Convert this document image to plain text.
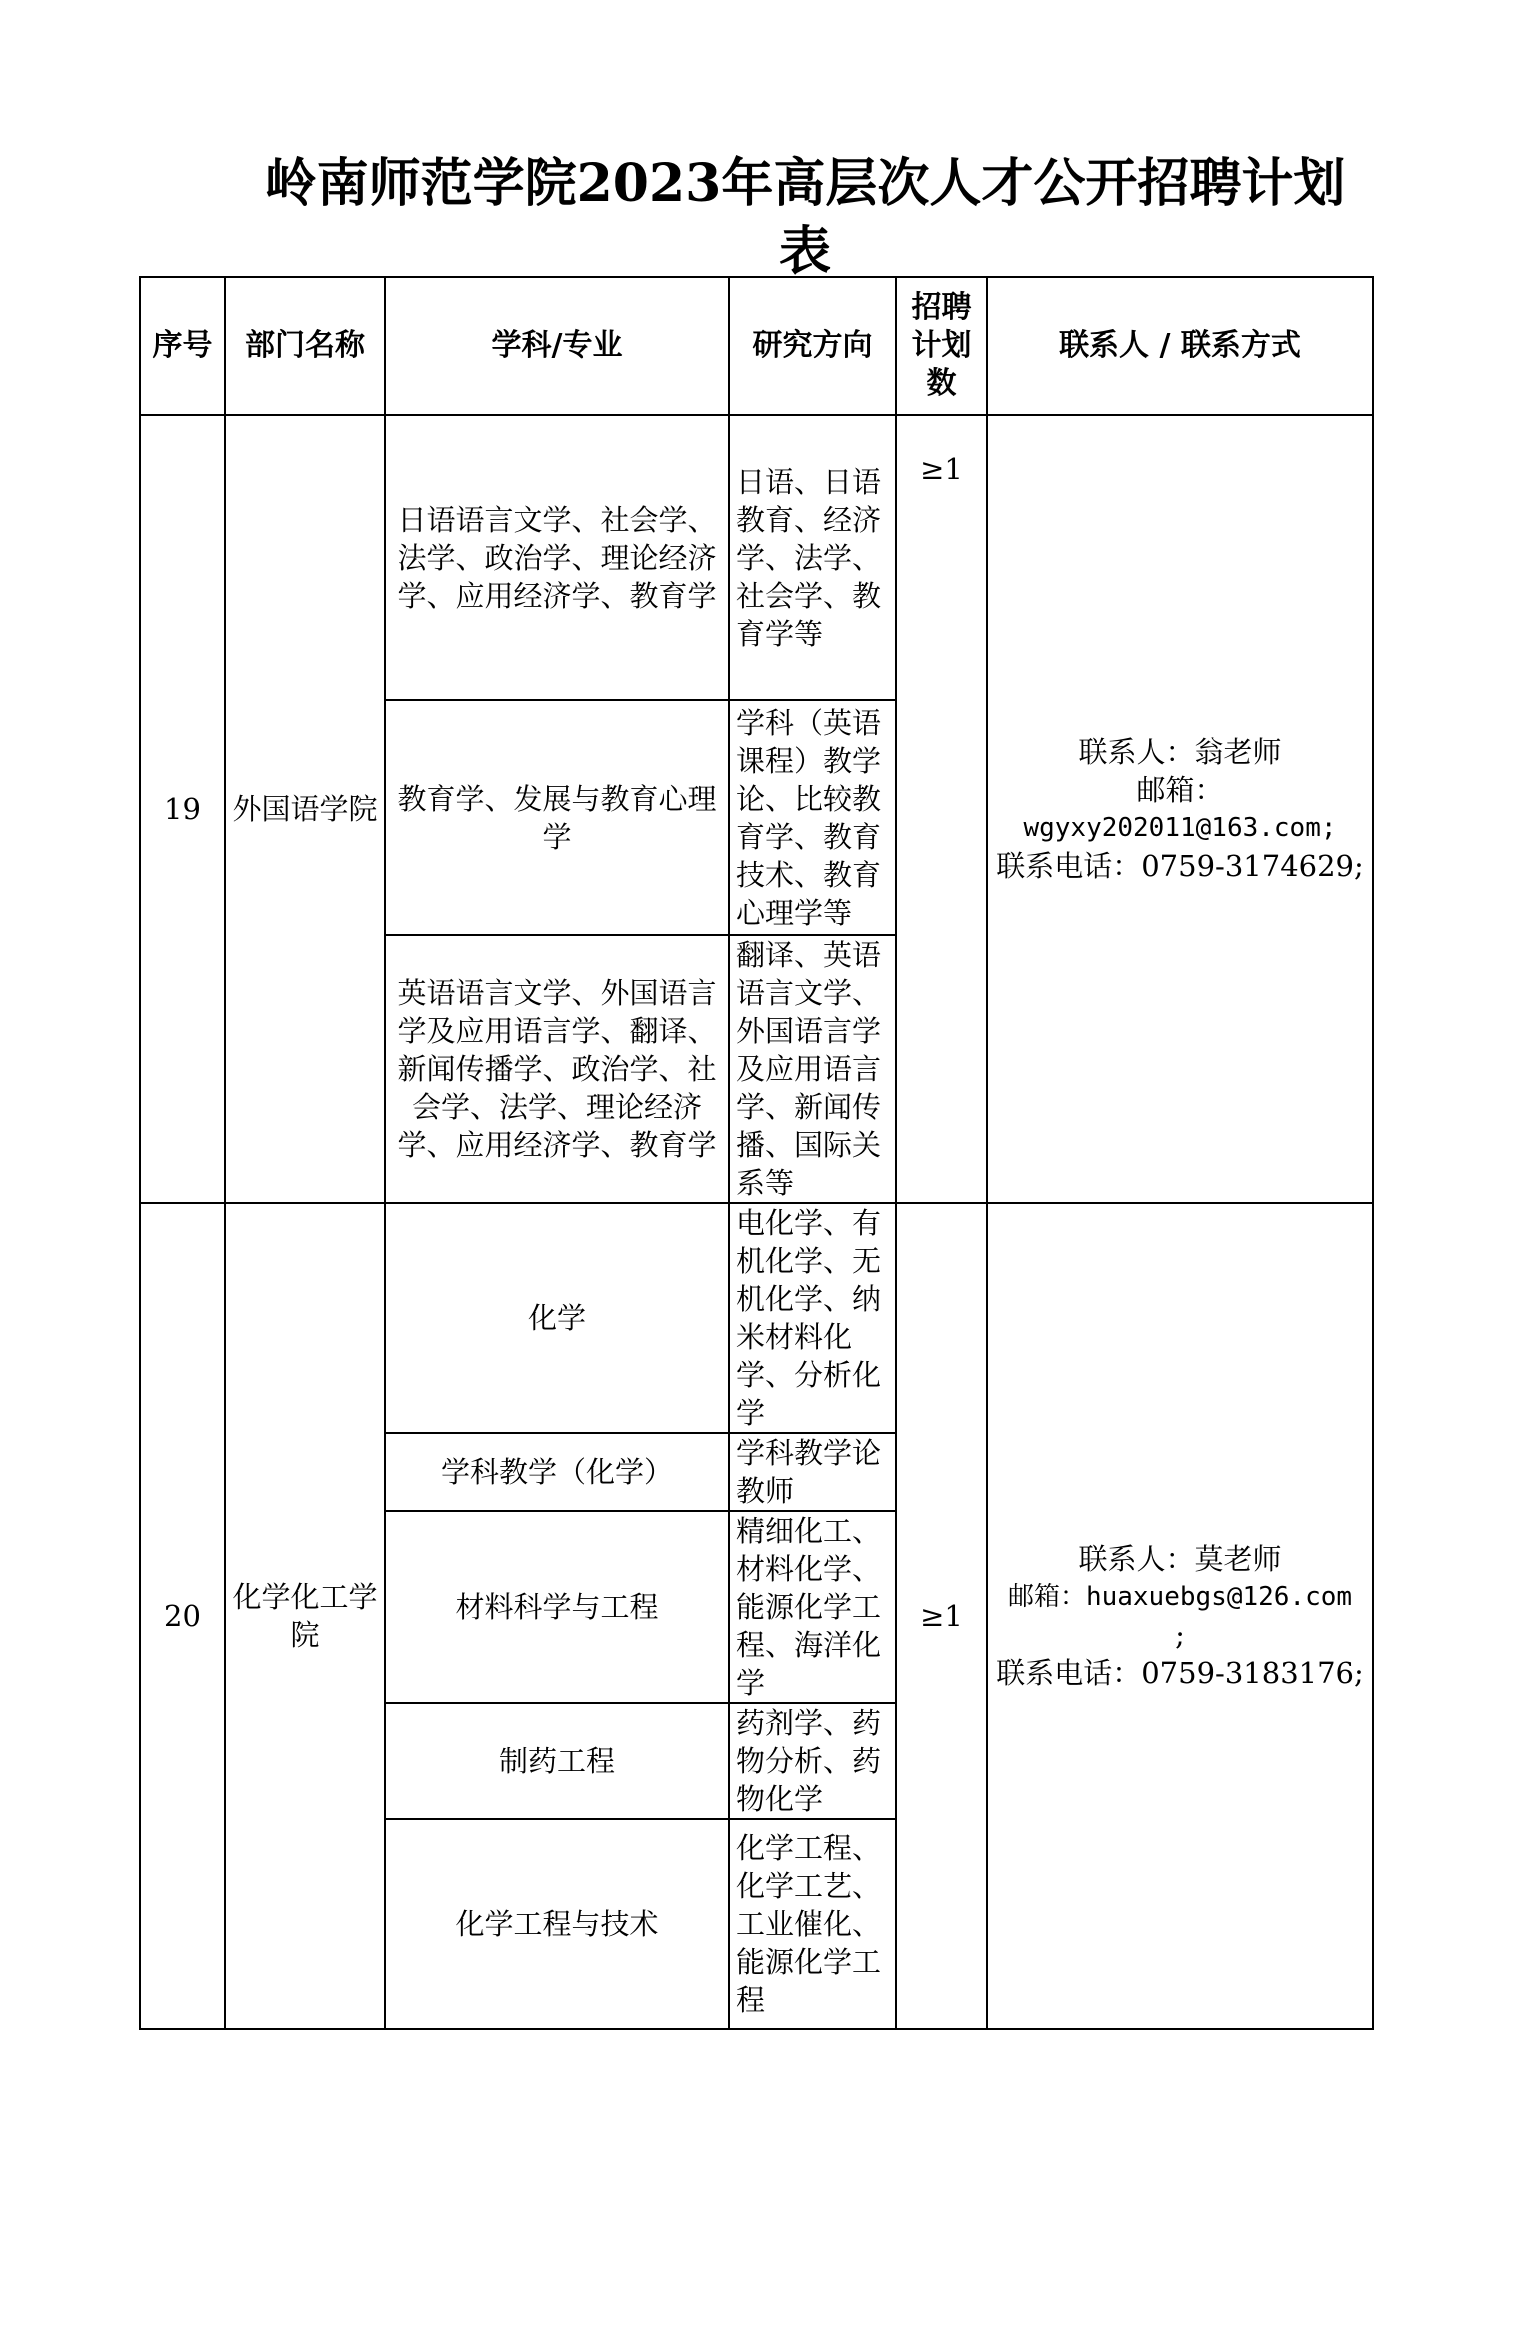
岭南师范学院2023年高层次人才公开招聘计划
表
序号	部门名称	学科/专业	研究方向	招聘计划数	联系人 / 联系方式
19	外国语学院	日语语言文学、社会学、法学、政治学、理论经济学、应用经济学、教育学	日语、日语教育、经济学、法学、社会学、教育学等	≥1	联系人：翁老师
邮箱：
wgyxy202011@163.com;
联系电话：0759-3174629;

		教育学、发展与教育心理学	学科（英语课程）教学论、比较教育学、教育技术、教育心理学等		
		英语语言文学、外国语言学及应用语言学、翻译、新闻传播学、政治学、社会学、法学、理论经济学、应用经济学、教育学	翻译、英语语言文学、外国语言学及应用语言学、新闻传播、国际关系等		
20	化学化工学院	化学	电化学、有机化学、无机化学、纳米材料化学、分析化学	≥1	联系人：莫老师
邮箱：huaxuebgs@126.com
;
联系电话：0759-3183176;

		学科教学（化学）	学科教学论教师		
		材料科学与工程	精细化工、材料化学、能源化学工程、海洋化学		
		制药工程	药剂学、药物分析、药物化学		
		化学工程与技术	化学工程、化学工艺、工业催化、能源化学工程		
